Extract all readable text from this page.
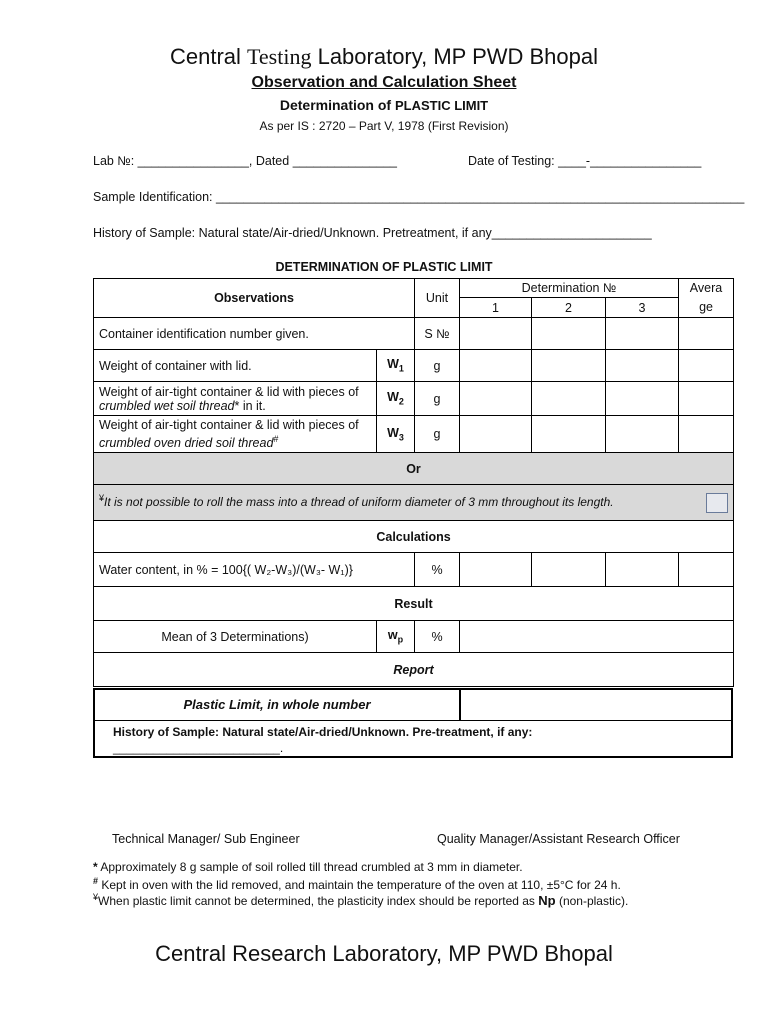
Central Testing Laboratory, MP PWD Bhopal
Observation and Calculation Sheet
Determination of PLASTIC LIMIT
As per IS : 2720 – Part V, 1978 (First Revision)
Lab №: ________________, Dated _______________	Date of Testing: ____-________________
Sample Identification: ____________________________________________________________________________
History of Sample: Natural state/Air-dried/Unknown. Pretreatment, if any_______________________
DETERMINATION OF PLASTIC LIMIT
Observations		Unit	Determination №			Avera
			1	2	3	ge
Container identification number given.		S №				
Weight of container with lid.	$W_1$	g				
Weight of air-tight container & lid with pieces of crumbled wet soil thread* in it.	$W_2$	g				
Weight of air-tight container & lid with pieces of crumbled oven dried soil thread#	$W_3$	g				
Or						

¥It is not possible to roll the mass into a thread of uniform diameter of 3 mm throughout its length.						
Calculations						
Water content, in % = 100{( W₂-W₃)/(W₃- W₁)}		%				
Result						
Mean of 3 Determinations)	$w_p$	%				
Report						
Plastic Limit, in whole number
History of Sample: Natural state/Air-dried/Unknown. Pre-treatment, if any:
_________________________.
Technical Manager/ Sub Engineer	Quality Manager/Assistant Research Officer
* Approximately 8 g sample of soil rolled till thread crumbled at 3 mm in diameter.
# Kept in oven with the lid removed, and maintain the temperature of the oven at 110, ±5°C for 24 h.
¥When plastic limit cannot be determined, the plasticity index should be reported as Np (non-plastic).
Central Research Laboratory, MP PWD Bhopal
